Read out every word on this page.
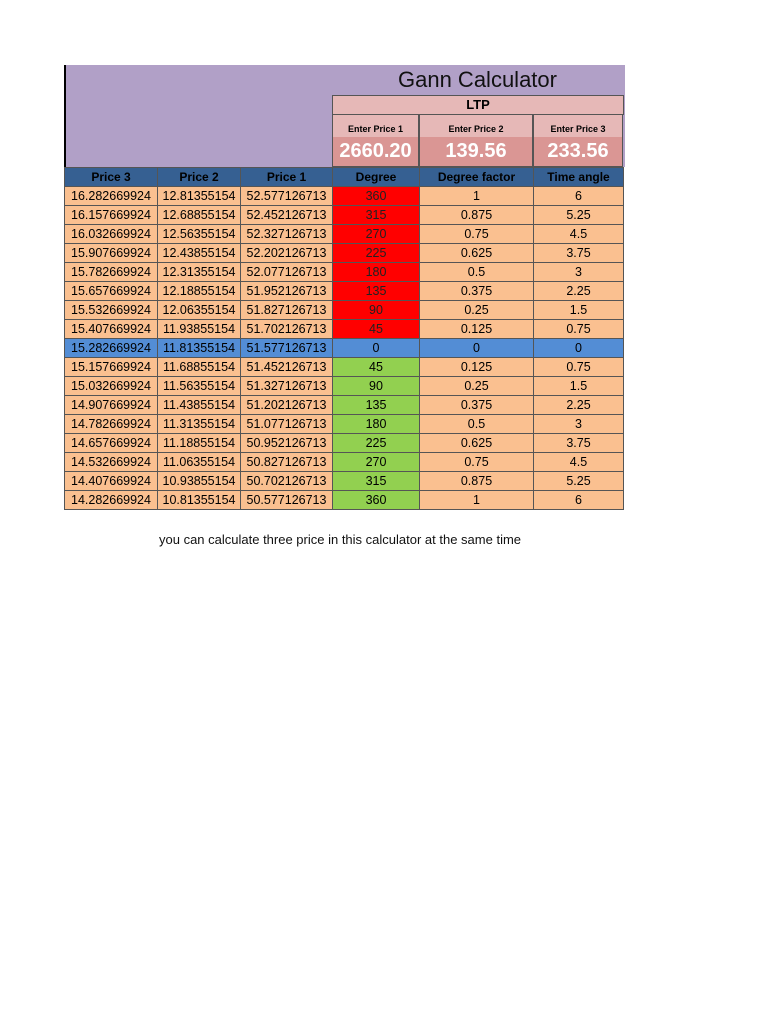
Gann Calculator
LTP
Enter Price 1
2660.20
Enter Price 2
139.56
Enter Price 3
233.56
Price 3	Price 2	Price 1	Degree	Degree factor	Time angle
16.282669924	12.81355154	52.577126713	360	1	6
16.157669924	12.68855154	52.452126713	315	0.875	5.25
16.032669924	12.56355154	52.327126713	270	0.75	4.5
15.907669924	12.43855154	52.202126713	225	0.625	3.75
15.782669924	12.31355154	52.077126713	180	0.5	3
15.657669924	12.18855154	51.952126713	135	0.375	2.25
15.532669924	12.06355154	51.827126713	90	0.25	1.5
15.407669924	11.93855154	51.702126713	45	0.125	0.75
15.282669924	11.81355154	51.577126713	0	0	0
15.157669924	11.68855154	51.452126713	45	0.125	0.75
15.032669924	11.56355154	51.327126713	90	0.25	1.5
14.907669924	11.43855154	51.202126713	135	0.375	2.25
14.782669924	11.31355154	51.077126713	180	0.5	3
14.657669924	11.18855154	50.952126713	225	0.625	3.75
14.532669924	11.06355154	50.827126713	270	0.75	4.5
14.407669924	10.93855154	50.702126713	315	0.875	5.25
14.282669924	10.81355154	50.577126713	360	1	6
you can calculate three price in this calculator at the same time
